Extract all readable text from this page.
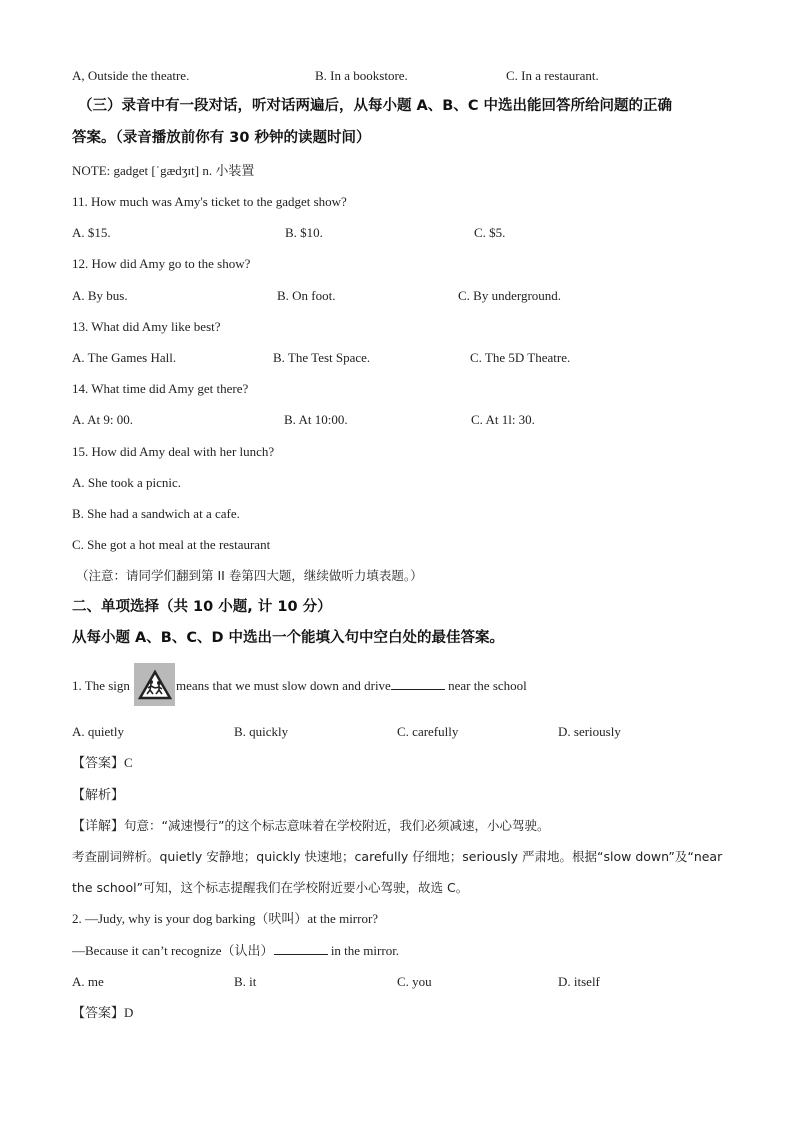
A, Outside the theatre.	B. In a bookstore.	C. In a restaurant.
（三）录音中有一段对话，听对话两遍后，从每小题 A、B、C 中选出能回答所给问题的正确
答案。（录音播放前你有 30 秒钟的读题时间）
NOTE: gadget [ˈgædʒɪt] n. 小装置
11. How much was Amy's ticket to the gadget show?
A. $15.	B. $10.	C. $5.
12. How did Amy go to the show?
A. By bus.	B. On foot.	C. By underground.
13. What did Amy like best?
A. The Games Hall.	B. The Test Space.	C. The 5D Theatre.
14. What time did Amy get there?
A. At 9: 00.	B. At 10:00.	C. At 1l: 30.
15. How did Amy deal with her lunch?
A. She took a picnic.
B. She had a sandwich at a cafe.
C. She got a hot meal at the restaurant
（注意：请同学们翻到第 II 卷第四大题，继续做听力填表题。）
二、单项选择（共 10 小题, 计 10 分）
从每小题 A、B、C、D 中选出一个能填入句中空白处的最佳答案。
1. The sign	means that we must slow down and drive	near the school
A. quietly	B. quickly	C. carefully	D. seriously
【答案】C
【解析】
【详解】句意：“减速慢行”的这个标志意味着在学校附近，我们必须减速，小心驾驶。
考查副词辨析。quietly 安静地；quickly 快速地；carefully 仔细地；seriously 严肃地。根据“slow down”及“near
the school”可知，这个标志提醒我们在学校附近要小心驾驶，故选 C。
2. —Judy, why is your dog barking（吠叫）at the mirror?
—Because it can’t recognize（认出）	in the mirror.
A. me	B. it	C. you	D. itself
【答案】D
